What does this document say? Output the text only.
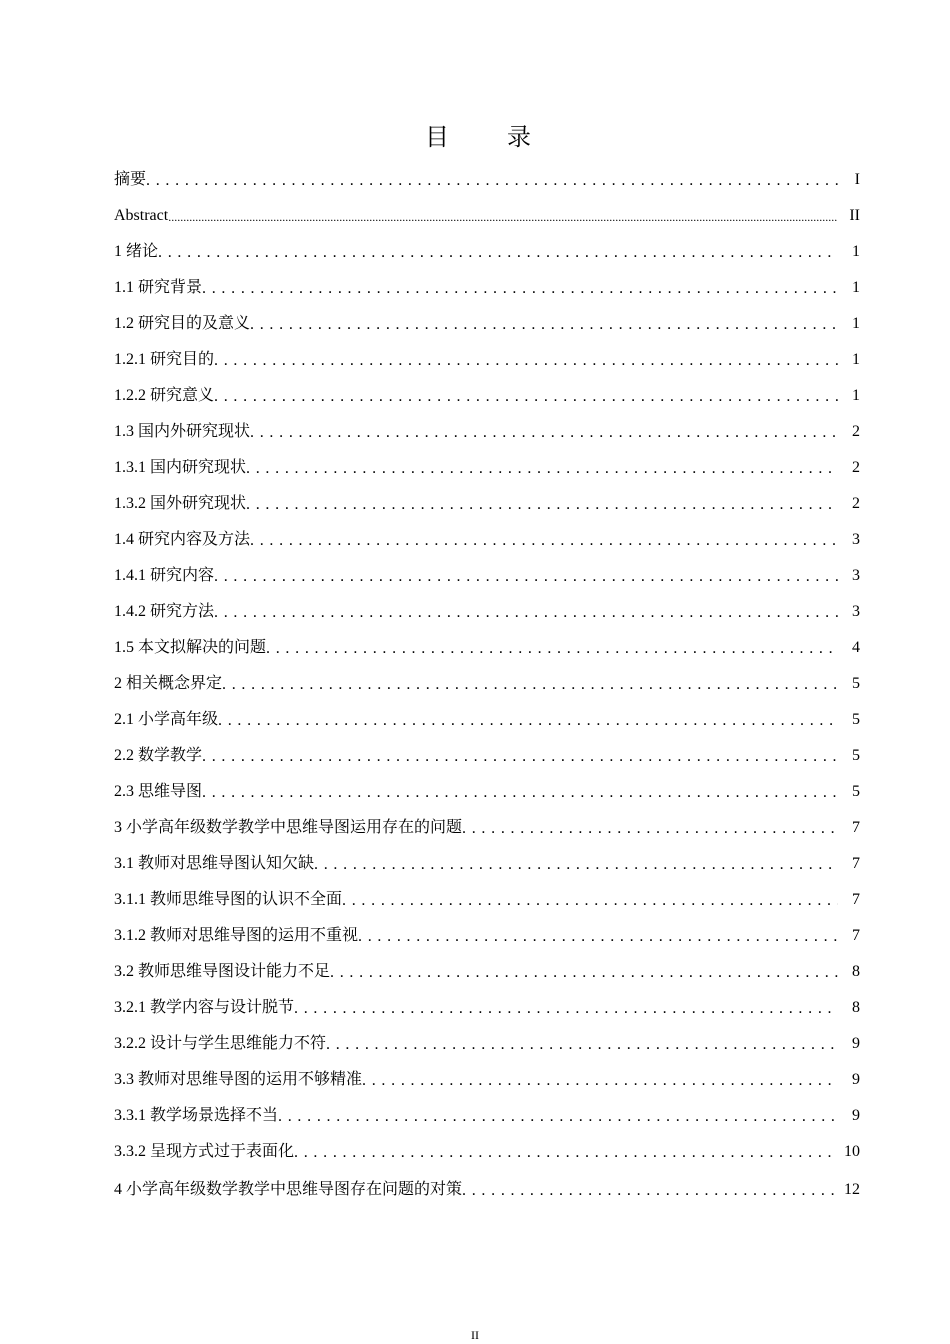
目 录
摘要 . . .	I
Abstract .....	II
1 绪论 . . .	1
1.1 研究背景 . . .	1
1.2 研究目的及意义 . . .	1
1.2.1 研究目的 . . .	1
1.2.2 研究意义 . . .	1
1.3 国内外研究现状 . . .	2
1.3.1 国内研究现状 . . .	2
1.3.2 国外研究现状 . . .	2
1.4 研究内容及方法 . . .	3
1.4.1 研究内容 . . .	3
1.4.2 研究方法 . . .	3
1.5 本文拟解决的问题 . . .	4
2 相关概念界定 . . .	5
2.1 小学高年级 . . .	5
2.2 数学教学 . . .	5
2.3 思维导图 . . .	5
3 小学高年级数学教学中思维导图运用存在的问题 . . .	7
3.1 教师对思维导图认知欠缺 . . .	7
3.1.1 教师思维导图的认识不全面 . . .	7
3.1.2 教师对思维导图的运用不重视 . . .	7
3.2 教师思维导图设计能力不足 . . .	8
3.2.1 教学内容与设计脱节 . . .	8
3.2.2 设计与学生思维能力不符 . . .	9
3.3 教师对思维导图的运用不够精准 . . .	9
3.3.1 教学场景选择不当 . . .	9
3.3.2 呈现方式过于表面化 . . .	10
4 小学高年级数学教学中思维导图存在问题的对策 . . .	12
II
